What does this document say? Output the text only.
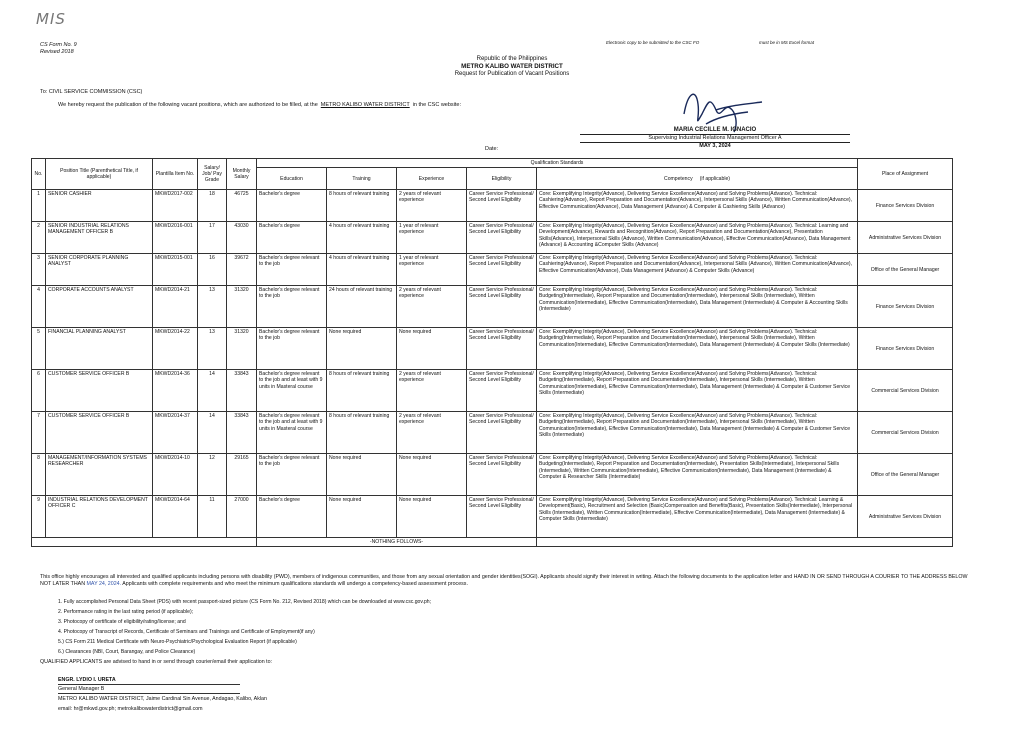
MIS
CS Form No. 9
Revised 2018
Electronic copy to be submitted to the CSC FO	must be in MS Excel format
Republic of the Philippines
METRO KALIBO WATER DISTRICT
Request for Publication of Vacant Positions
To: CIVIL SERVICE COMMISSION (CSC)
We hereby request the publication of the following vacant positions, which are authorized to be filled, at the METRO KALIBO WATER DISTRICT in the CSC website:
MARIA CECILLE M. IGNACIO
Supervising Industrial Relations Management Officer A
MAY 3, 2024
Date:
No.	Position Title (Parenthetical Title, if applicable)	Plantilla Item No.	Salary/ Job/ Pay Grade	Monthly Salary	Qualification Standards					Place of Assignment
					Education	Training	Experience	Eligibility	Competency (if applicable)	
1	SENIOR CASHIER	MKWD2017-002	18	46725	Bachelor's degree	8 hours of relevant training	2 years of relevant experience	Career Service Professional/ Second Level Eligibility	Core: Exemplifying Integrity(Advance), Delivering Service Excellence(Advance) and Solving Problems(Advance). Technical: Cashiering(Advance), Report Preparation and Documentation(Advance), Interpersonal Skills (Advance), Written Communication(Advance), Effective Communication(Advance), Data Management (Advance) & Computer & Cashiering Skills (Advance)	Finance Services Division
2	SENIOR INDUSTRIAL RELATIONS MANAGEMENT OFFICER B	MKWD2016-001	17	43030	Bachelor's degree	4 hours of relevant training	1 year of relevant experience	Career Service Professional/ Second Level Eligibility	Core: Exemplifying Integrity(Advance), Delivering Service Excellence(Advance) and Solving Problems(Advance). Technical: Learning and Development(Advance), Rewards and Recognition(Advance), Report Preparation and Documentation(Advance), Presentation Skills(Advance), Interpersonal Skills (Advance), Written Communication(Advance), Effective Communication(Advance), Data Management (Advance) & Accounting &Computer Skills (Advance)	Administrative Services Division
3	SENIOR CORPORATE PLANNING ANALYST	MKWD2015-001	16	39672	Bachelor's degree relevant to the job	4 hours of relevant training	1 year of relevant experience	Career Service Professional/ Second Level Eligibility	Core: Exemplifying Integrity(Advance), Delivering Service Excellence(Advance) and Solving Problems(Advance). Technical: Cashiering(Advance), Report Preparation and Documentation(Advance), Interpersonal Skills (Advance), Written Communication(Advance), Effective Communication(Advance), Data Management (Advance) & Computer Skills (Advance)	Office of the General Manager
4	CORPORATE ACCOUNTS ANALYST	MKWD2014-21	13	31320	Bachelor's degree relevant to the job	24 hours of relevant training	2 years of relevant experience	Career Service Professional/ Second Level Eligibility	Core: Exemplifying Integrity(Advance), Delivering Service Excellence(Advance) and Solving Problems(Advance). Technical: Budgeting(Intermediate), Report Preparation and Documentation(Intermediate), Interpersonal Skills (Intermediate), Written Communication(Intermediate), Effective Communication(Intermediate), Data Management (Intermediate) & Computer & Accounting Skills (Intermediate)	Finance Services Division
5	FINANCIAL PLANNING ANALYST	MKWD2014-22	13	31320	Bachelor's degree relevant to the job	None required	None required	Career Service Professional/ Second Level Eligibility	Core: Exemplifying Integrity(Advance), Delivering Service Excellence(Advance) and Solving Problems(Advance). Technical: Budgeting(Intermediate), Report Preparation and Documentation(Intermediate), Interpersonal Skills (Intermediate), Written Communication(Intermediate), Effective Communication(Intermediate), Data Management (Intermediate) & Computer Skills (Intermediate)	Finance Services Division
6	CUSTOMER SERVICE OFFICER B	MKWD2014-36	14	33843	Bachelor's degree relevant to the job and at least with 9 units in Masteral course	8 hours of relevant training	2 years of relevant experience	Career Service Professional/ Second Level Eligibility	Core: Exemplifying Integrity(Advance), Delivering Service Excellence(Advance) and Solving Problems(Advance). Technical: Budgeting(Intermediate), Report Preparation and Documentation(Intermediate), Interpersonal Skills (Intermediate), Written Communication(Intermediate), Effective Communication(Intermediate), Data Management (Intermediate) & Computer & Customer Service Skills (Intermediate)	Commercial Services Division
7	CUSTOMER SERVICE OFFICER B	MKWD2014-37	14	33843	Bachelor's degree relevant to the job and at least with 9 units in Masteral course	8 hours of relevant training	2 years of relevant experience	Career Service Professional/ Second Level Eligibility	Core: Exemplifying Integrity(Advance), Delivering Service Excellence(Advance) and Solving Problems(Advance). Technical: Budgeting(Intermediate), Report Preparation and Documentation(Intermediate), Interpersonal Skills (Intermediate), Written Communication(Intermediate), Effective Communication(Intermediate), Data Management (Intermediate) & Computer & Customer Service Skills (Intermediate)	Commercial Services Division
8	MANAGEMENT/INFORMATION SYSTEMS RESEARCHER	MKWD2014-10	12	29165	Bachelor's degree relevant to the job	None required	None required	Career Service Professional/ Second Level Eligibility	Core: Exemplifying Integrity(Advance), Delivering Service Excellence(Advance) and Solving Problems(Advance). Technical: Budgeting(Intermediate), Report Preparation and Documentation(Intermediate), Presentation Skills(Intermediate), Interpersonal Skills (Intermediate), Written Communication(Intermediate), Effective Communication(Intermediate), Data Management (Intermediate) & Computer & Researcher Skills (Intermediate)	Office of the General Manager
9	INDUSTRIAL RELATIONS DEVELOPMENT OFFICER C	MKWD2014-64	11	27000	Bachelor's degree	None required	None required	Career Service Professional/ Second Level Eligibility	Core: Exemplifying Integrity(Advance), Delivering Service Excellence(Advance) and Solving Problems(Advance). Technical: Learning & Development(Basic), Recruitment and Selection (Basic)Compensation and Benefits(Basic), Presentation Skills(Intermediate), Interpersonal Skills (Intermediate), Written Communication(Intermediate), Effective Communication(Intermediate), Data Management (Intermediate) & Computer Skills (Intermediate)	Administrative Services Division
					-NOTHING FOLLOWS-					
This office highly encourages all interested and qualified applicants including persons with disability (PWD), members of indigenous communities, and those from any sexual orientation and gender identities(SOGI). Applicants should signify their interest in writing. Attach the following documents to the application letter and HAND IN OR SEND THROUGH A COURIER TO THE ADDRESS BELOW NOT LATER THAN MAY 24, 2024. Applicants with complete requirements and who meet the minimum qualifications standards will undergo a competency-based assessment process.
1. Fully accomplished Personal Data Sheet (PDS) with recent passport-sized picture (CS Form No. 212, Revised 2018) which can be downloaded at www.csc.gov.ph;
2. Performance rating in the last rating period (if applicable);
3. Photocopy of certificate of eligibility/rating/license; and
4. Photocopy of Transcript of Records, Certificate of Seminars and Trainings and Certificate of Employment(if any)
5.) CS Form 211 Medical Certificate with Neuro-Psychiatric/Psychological Evaluation Report (if applicable)
6.) Clearances (NBI, Court, Barangay, and Police Clearance)
QUALIFIED APPLICANTS are advised to hand in or send through courier/email their application to:
ENGR. LYDIO I. URETA
General Manager B
METRO KALIBO WATER DISTRICT, Jaime Cardinal Sin Avenue, Andagao, Kalibo, Aklan
email: hr@mkwd.gov.ph; metrokalibowaterdistrict@gmail.com
